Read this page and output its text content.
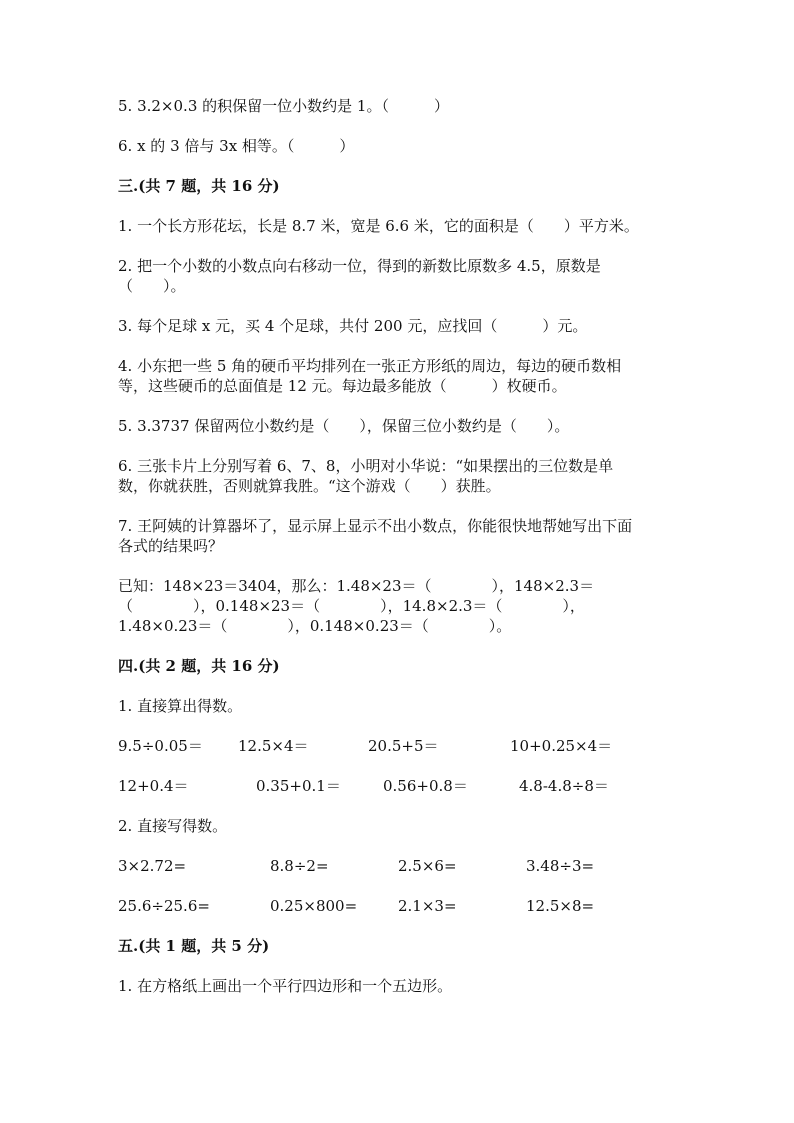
5. 3.2×0.3 的积保留一位小数约是 1。（　　　）

6. x 的 3 倍与 3x 相等。（　　　）

三.(共 7 题，共 16 分)

1. 一个长方形花坛，长是 8.7 米，宽是 6.6 米，它的面积是（　　）平方米。

2. 把一个小数的小数点向右移动一位，得到的新数比原数多 4.5，原数是

（　　）。

3. 每个足球 x 元，买 4 个足球，共付 200 元，应找回（　　　）元。

4. 小东把一些 5 角的硬币平均排列在一张正方形纸的周边，每边的硬币数相

等，这些硬币的总面值是 12 元。每边最多能放（　　　）枚硬币。

5. 3.3737 保留两位小数约是（　　），保留三位小数约是（　　）。

6. 三张卡片上分别写着 6、7、8，小明对小华说：“如果摆出的三位数是单

数，你就获胜，否则就算我胜。“这个游戏（　　）获胜。

7. 王阿姨的计算器坏了，显示屏上显示不出小数点，你能很快地帮她写出下面

各式的结果吗？

已知：148×23＝3404，那么：1.48×23＝（　　　　），148×2.3＝

（　　　　），0.148×23＝（　　　　），14.8×2.3＝（　　　　），

1.48×0.23＝（　　　　），0.148×0.23＝（　　　　）。

四.(共 2 题，共 16 分)

1. 直接算出得数。

9.5÷0.05＝ 12.5×4＝	20.5+5＝	10+0.25×4＝
12+0.4＝	0.35+0.1＝	0.56+0.8＝	4.8-4.8÷8＝

2. 直接写得数。

3×2.72=	8.8÷2=	2.5×6=	3.48÷3=
25.6÷25.6=	0.25×800=	2.1×3=	12.5×8=

五.(共 1 题，共 5 分)

1. 在方格纸上画出一个平行四边形和一个五边形。
